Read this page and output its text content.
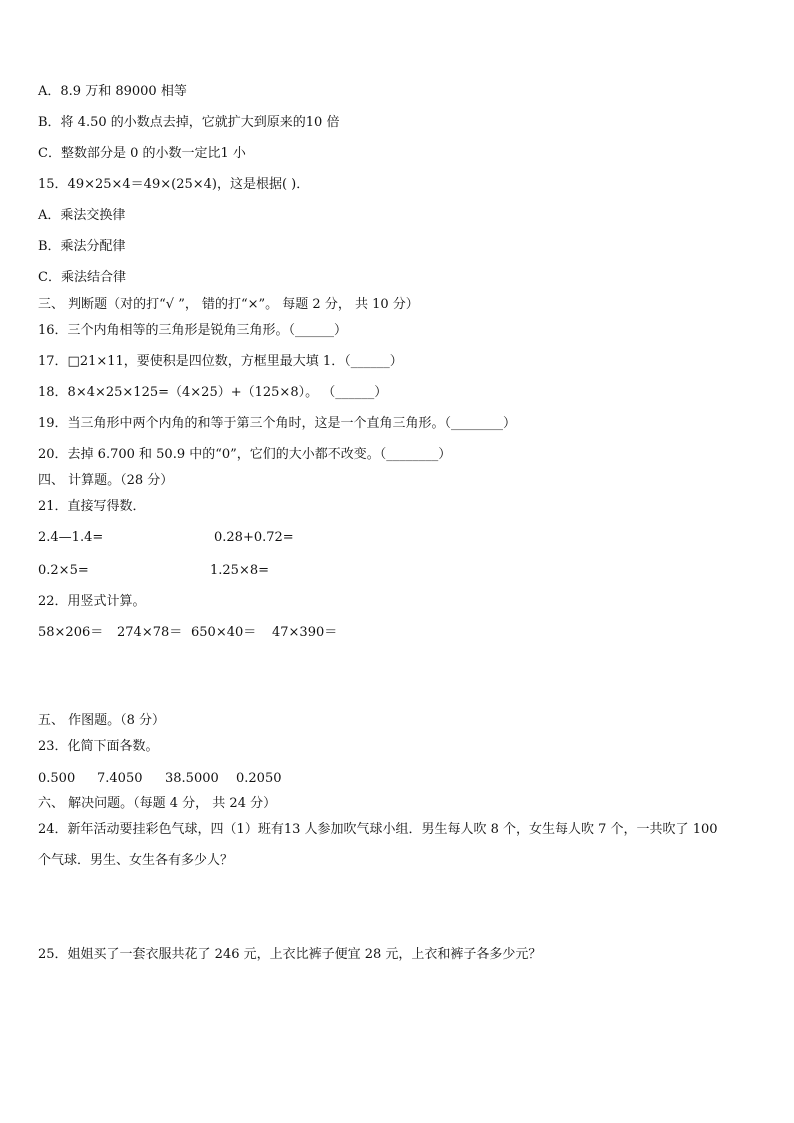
A．8.9 万和 89000 相等
B．将 4.50 的小数点去掉，它就扩大到原来的10 倍
C．整数部分是 0 的小数一定比1 小
15．49×25×4＝49×(25×4)，这是根据( )．
A．乘法交换律
B．乘法分配律
C．乘法结合律
三、 判断题（对的打“√ ”， 错的打“×”。 每题 2 分， 共 10 分）
16．三个内角相等的三角形是锐角三角形。（______）
17．□21×11，要使积是四位数，方框里最大填 1．（______）
18．8×4×25×125=（4×25）+（125×8）。 （______）
19．当三角形中两个内角的和等于第三个角时，这是一个直角三角形。（________）
20．去掉 6.700 和 50.9 中的“0”，它们的大小都不改变。（________）
四、 计算题。（28 分）
21．直接写得数．
2.4—1.4=	0.28+0.72=
0.2×5=	1.25×8=
22．用竖式计算。
58×206＝ 274×78＝ 650×40＝ 47×390＝
五、 作图题。（8 分）
23．化简下面各数。
0.500 7.4050 38.5000 0.2050
六、 解决问题。（每题 4 分， 共 24 分）
24．新年活动要挂彩色气球，四（1）班有13 人参加吹气球小组．男生每人吹 8 个，女生每人吹 7 个，一共吹了 100
个气球．男生、女生各有多少人？
25．姐姐买了一套衣服共花了 246 元，上衣比裤子便宜 28 元，上衣和裤子各多少元？
